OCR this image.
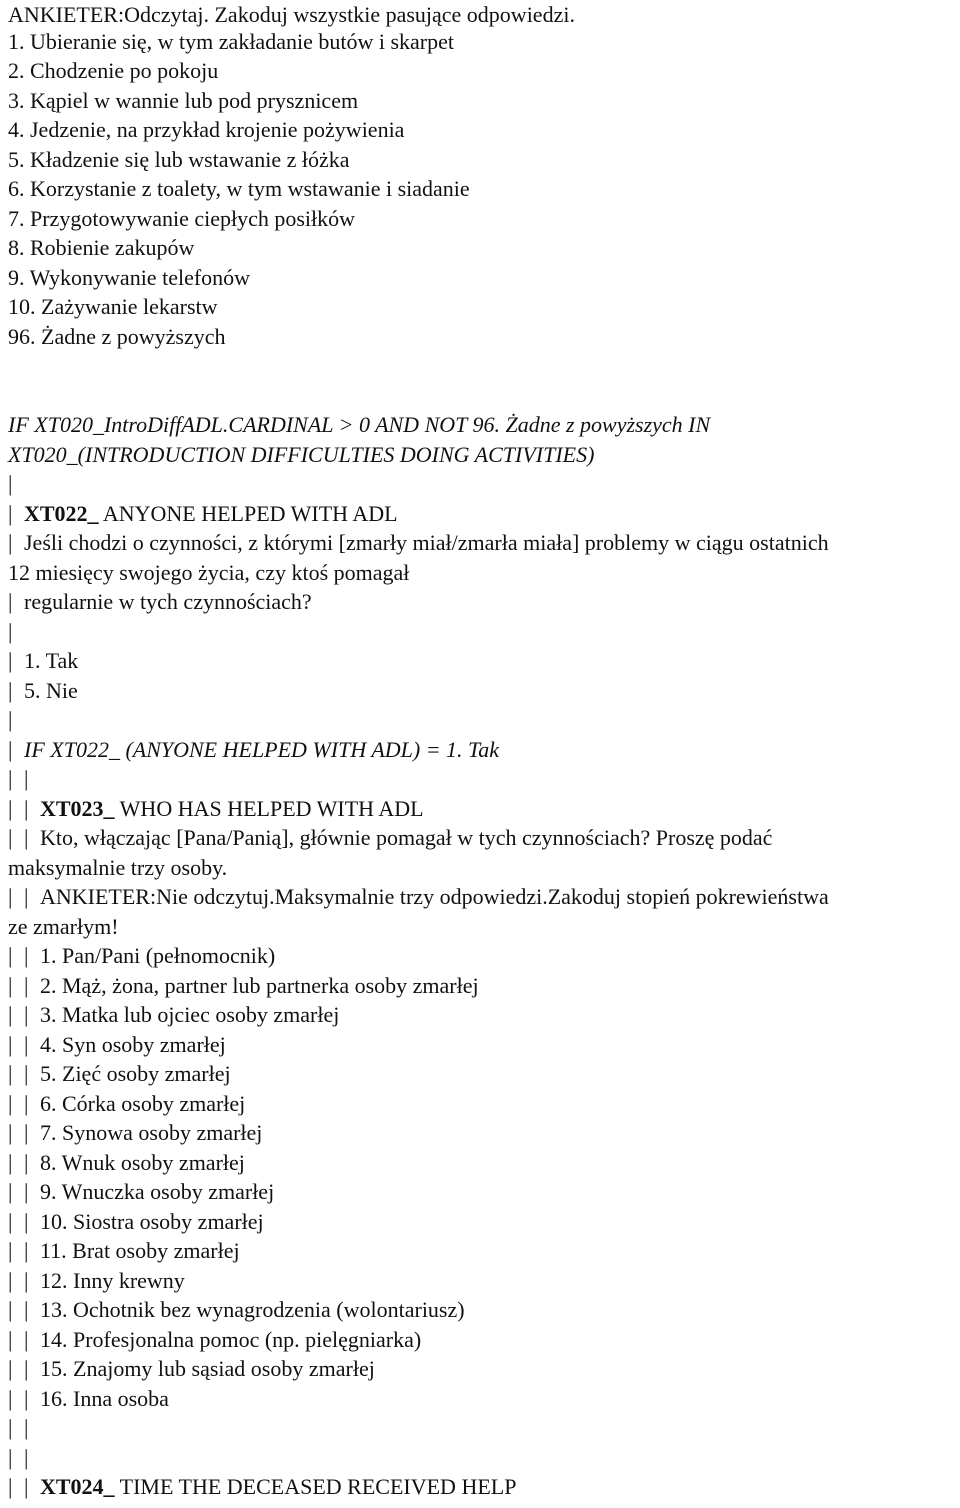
ANKIETER:Odczytaj. Zakoduj wszystkie pasujące odpowiedzi.
1. Ubieranie się, w tym zakładanie butów i skarpet
2. Chodzenie po pokoju
3. Kąpiel w wannie lub pod prysznicem
4. Jedzenie, na przykład krojenie pożywienia
5. Kładzenie się lub wstawanie z łóżka
6. Korzystanie z toalety, w tym wstawanie i siadanie
7. Przygotowywanie ciepłych posiłków
8. Robienie zakupów
9. Wykonywanie telefonów
10. Zażywanie lekarstw
96. Żadne z powyższych
IF XT020_IntroDiffADL.CARDINAL > 0 AND NOT 96. Żadne z powyższych IN
XT020_(INTRODUCTION DIFFICULTIES DOING ACTIVITIES)
|
| XT022_ ANYONE HELPED WITH ADL
| Jeśli chodzi o czynności, z którymi [zmarły miał/zmarła miała] problemy w ciągu ostatnich
12 miesięcy swojego życia, czy ktoś pomagał
| regularnie w tych czynnościach?
|
| 1. Tak
| 5. Nie
|
| IF XT022_ (ANYONE HELPED WITH ADL) = 1. Tak
| |
| | XT023_ WHO HAS HELPED WITH ADL
| | Kto, włączając [Pana/Panią], głównie pomagał w tych czynnościach? Proszę podać
maksymalnie trzy osoby.
| | ANKIETER:Nie odczytuj.Maksymalnie trzy odpowiedzi.Zakoduj stopień pokrewieństwa
ze zmarłym!
| | 1. Pan/Pani (pełnomocnik)
| | 2. Mąż, żona, partner lub partnerka osoby zmarłej
| | 3. Matka lub ojciec osoby zmarłej
| | 4. Syn osoby zmarłej
| | 5. Zięć osoby zmarłej
| | 6. Córka osoby zmarłej
| | 7. Synowa osoby zmarłej
| | 8. Wnuk osoby zmarłej
| | 9. Wnuczka osoby zmarłej
| | 10. Siostra osoby zmarłej
| | 11. Brat osoby zmarłej
| | 12. Inny krewny
| | 13. Ochotnik bez wynagrodzenia (wolontariusz)
| | 14. Profesjonalna pomoc (np. pielęgniarka)
| | 15. Znajomy lub sąsiad osoby zmarłej
| | 16. Inna osoba
| |
| |
| | XT024_ TIME THE DECEASED RECEIVED HELP
